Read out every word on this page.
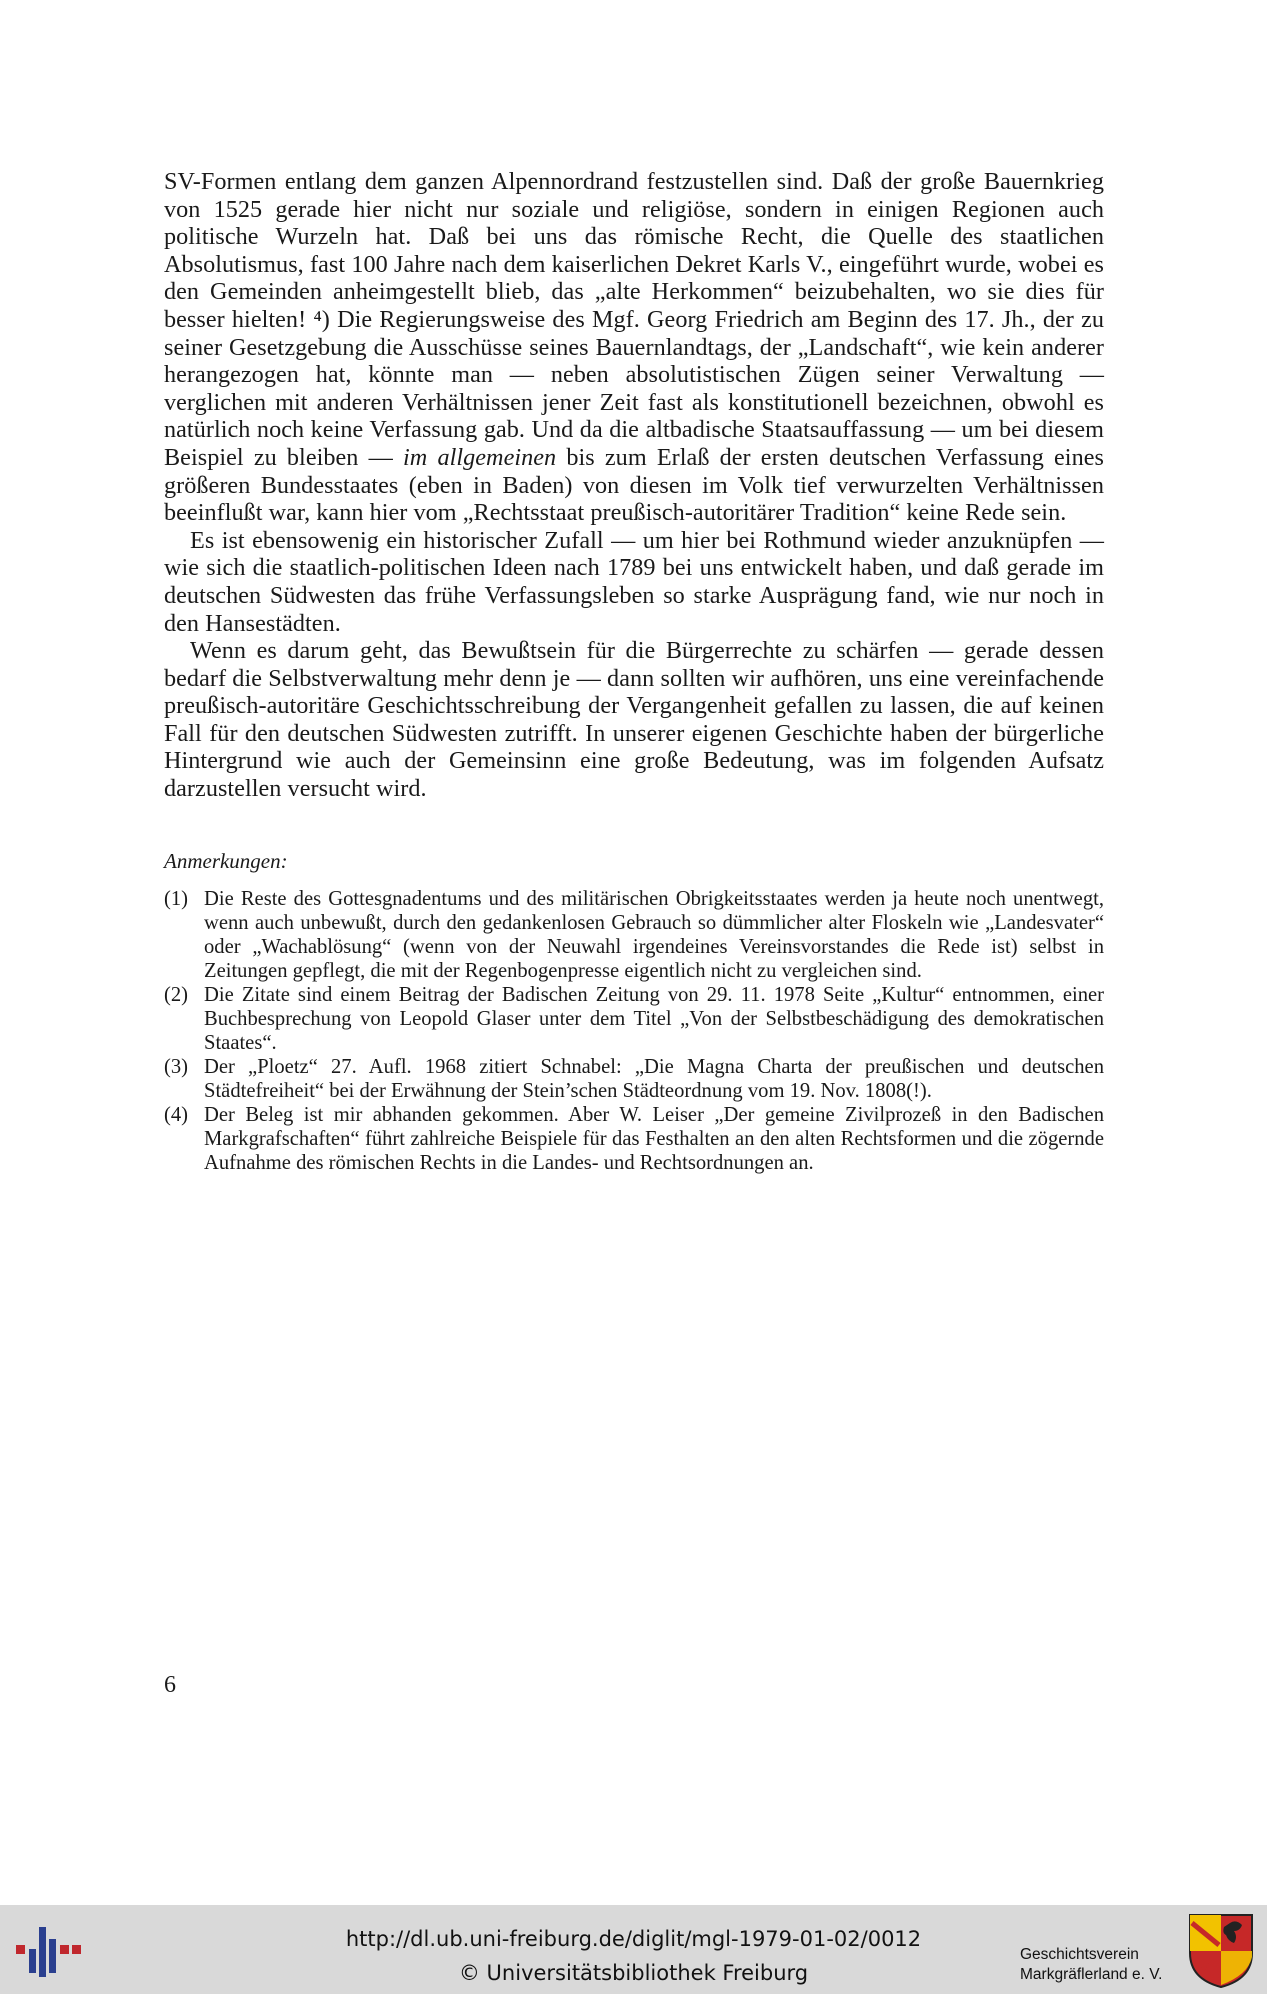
SV-Formen entlang dem ganzen Alpennordrand festzustellen sind. Daß der große Bauernkrieg von 1525 gerade hier nicht nur soziale und religiöse, sondern in einigen Regionen auch politische Wurzeln hat. Daß bei uns das römische Recht, die Quelle des staatlichen Absolutismus, fast 100 Jahre nach dem kaiserlichen Dekret Karls V., eingeführt wurde, wobei es den Gemeinden anheimgestellt blieb, das „alte Herkommen“ beizubehalten, wo sie dies für besser hielten! ⁴) Die Regierungsweise des Mgf. Georg Friedrich am Beginn des 17. Jh., der zu seiner Gesetzgebung die Ausschüsse seines Bauernlandtags, der „Landschaft“, wie kein anderer herangezogen hat, könnte man — neben absolutistischen Zügen seiner Verwaltung — verglichen mit anderen Verhältnissen jener Zeit fast als konstitutionell bezeichnen, obwohl es natürlich noch keine Verfassung gab. Und da die altbadische Staatsauffassung — um bei diesem Beispiel zu bleiben — im allgemeinen bis zum Erlaß der ersten deutschen Verfassung eines größeren Bundesstaates (eben in Baden) von diesen im Volk tief verwurzelten Verhältnissen beeinflußt war, kann hier vom „Rechtsstaat preußisch-autoritärer Tradition“ keine Rede sein.

Es ist ebensowenig ein historischer Zufall — um hier bei Rothmund wieder anzuknüpfen — wie sich die staatlich-politischen Ideen nach 1789 bei uns entwickelt haben, und daß gerade im deutschen Südwesten das frühe Verfassungsleben so starke Ausprägung fand, wie nur noch in den Hansestädten.

Wenn es darum geht, das Bewußtsein für die Bürgerrechte zu schärfen — gerade dessen bedarf die Selbstverwaltung mehr denn je — dann sollten wir aufhören, uns eine vereinfachende preußisch-autoritäre Geschichtsschreibung der Vergangenheit gefallen zu lassen, die auf keinen Fall für den deutschen Südwesten zutrifft. In unserer eigenen Geschichte haben der bürgerliche Hintergrund wie auch der Gemeinsinn eine große Bedeutung, was im folgenden Aufsatz darzustellen versucht wird.

Anmerkungen:
(1) Die Reste des Gottesgnadentums und des militärischen Obrigkeitsstaates werden ja heute noch unentwegt, wenn auch unbewußt, durch den gedankenlosen Gebrauch so dümmlicher alter Floskeln wie „Landesvater“ oder „Wachablösung“ (wenn von der Neuwahl irgendeines Vereinsvorstandes die Rede ist) selbst in Zeitungen gepflegt, die mit der Regenbogenpresse eigentlich nicht zu vergleichen sind.
(2) Die Zitate sind einem Beitrag der Badischen Zeitung von 29. 11. 1978 Seite „Kultur“ entnommen, einer Buchbesprechung von Leopold Glaser unter dem Titel „Von der Selbstbeschädigung des demokratischen Staates“.
(3) Der „Ploetz“ 27. Aufl. 1968 zitiert Schnabel: „Die Magna Charta der preußischen und deutschen Städtefreiheit“ bei der Erwähnung der Stein’schen Städteordnung vom 19. Nov. 1808(!).
(4) Der Beleg ist mir abhanden gekommen. Aber W. Leiser „Der gemeine Zivilprozeß in den Badischen Markgrafschaften“ führt zahlreiche Beispiele für das Festhalten an den alten Rechtsformen und die zögernde Aufnahme des römischen Rechts in die Landes- und Rechtsordnungen an.
6
http://dl.ub.uni-freiburg.de/diglit/mgl-1979-01-02/0012
© Universitätsbibliothek Freiburg
Geschichtsverein
Markgräflerland e. V.
